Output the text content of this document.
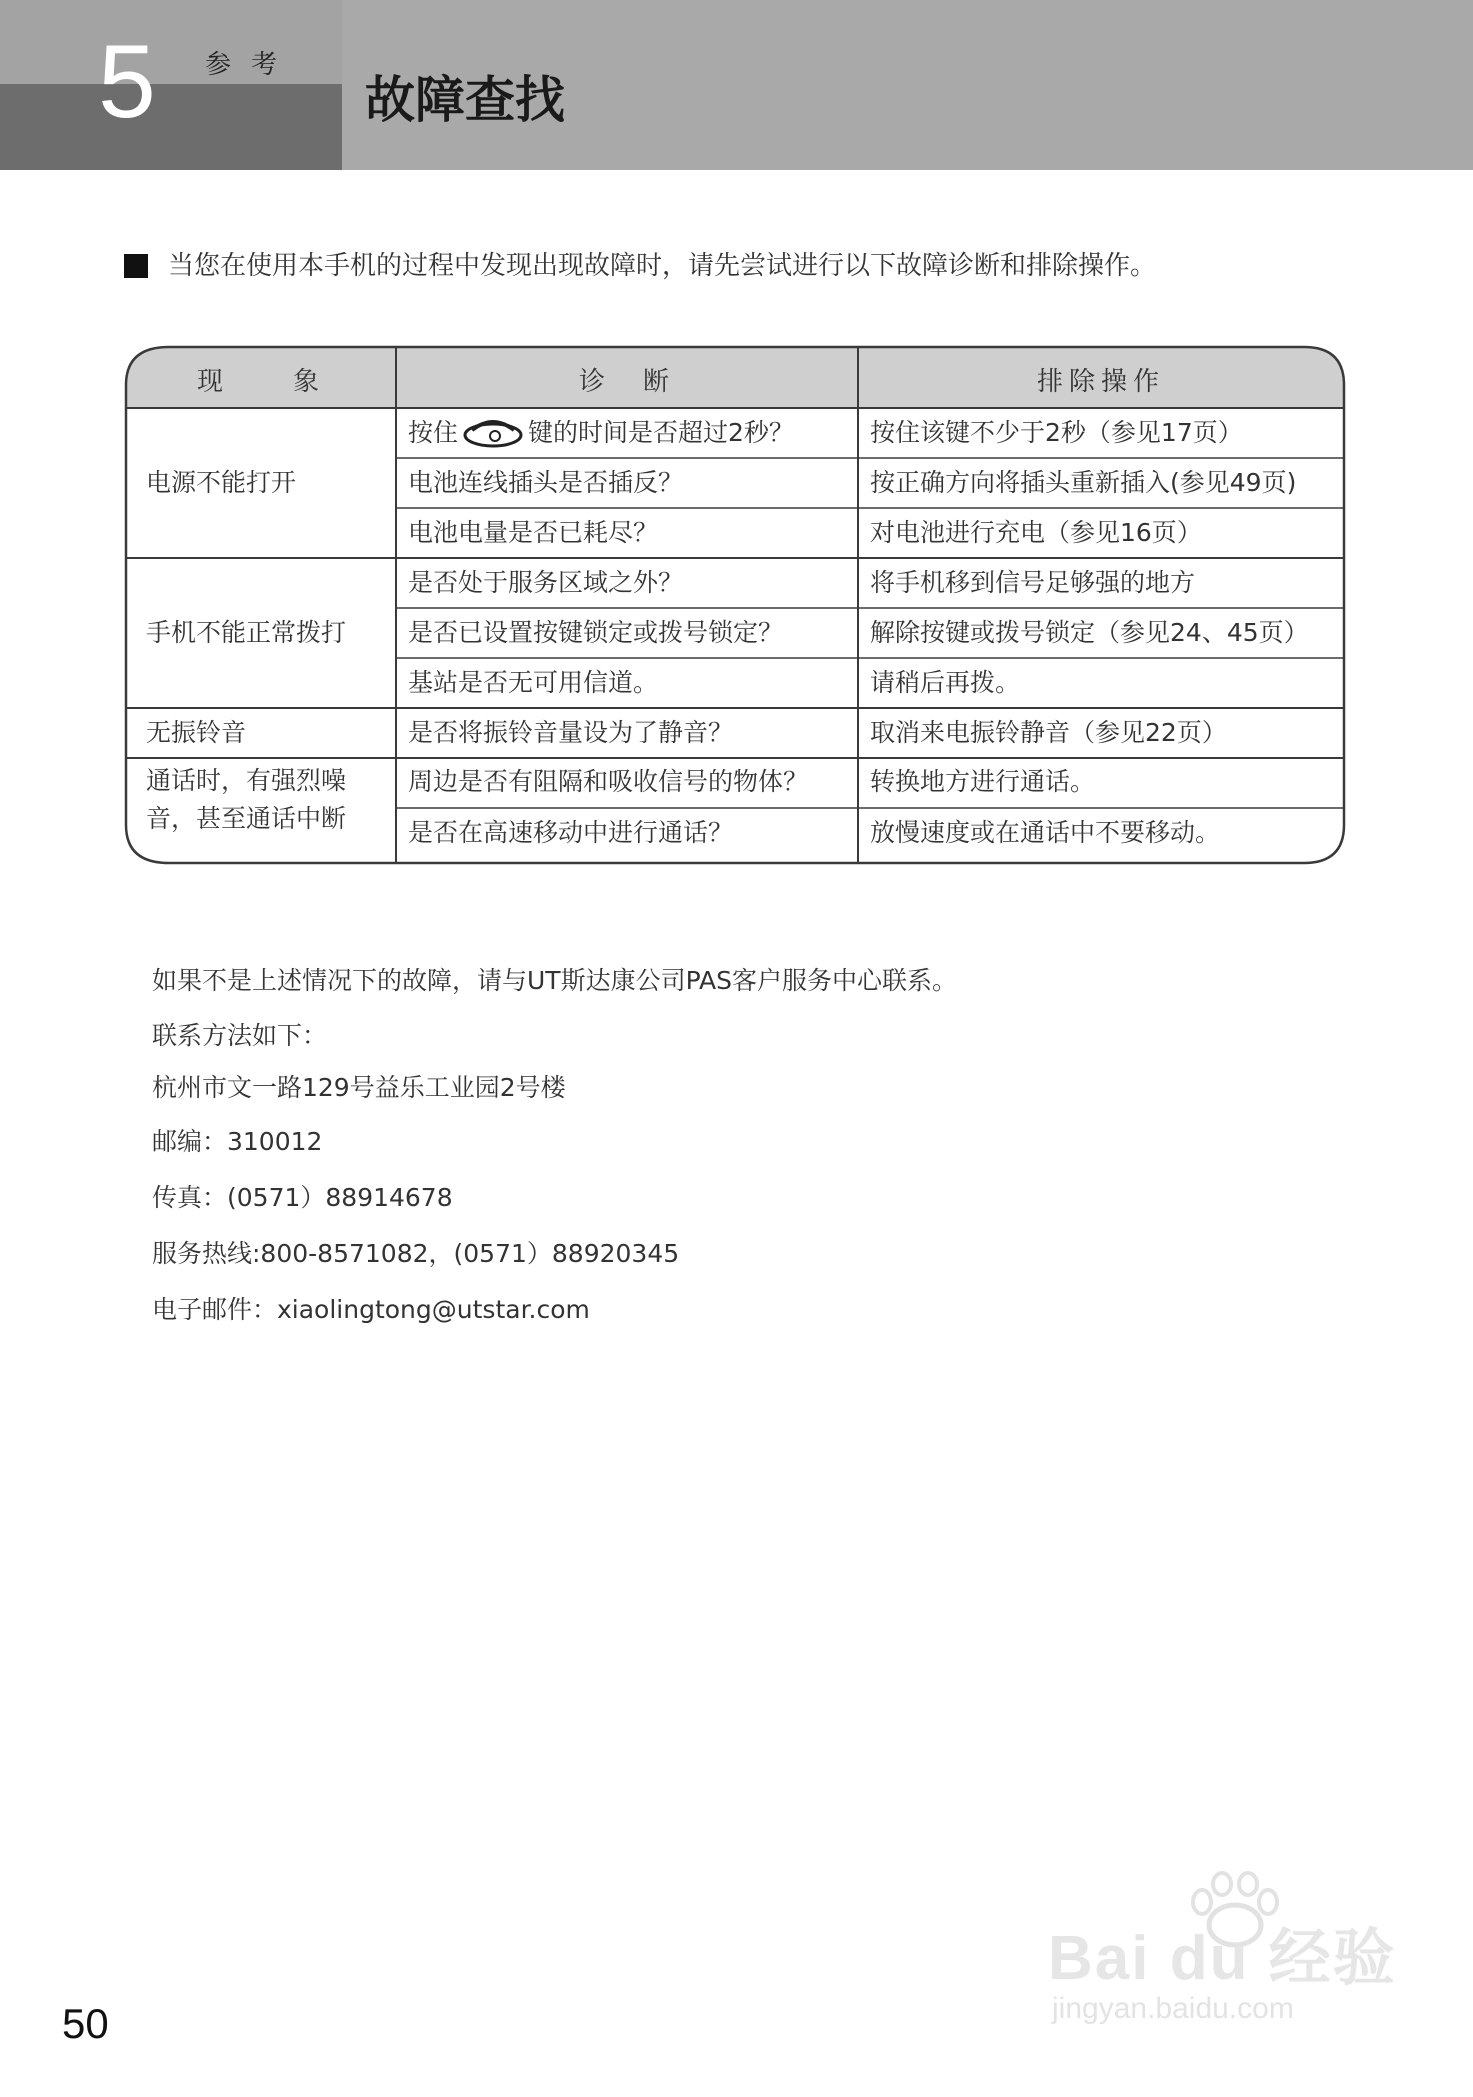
5 参考
故障查找
当您在使用本手机的过程中发现出现故障时，请先尝试进行以下故障诊断和排除操作。
现　　象	诊　断	排除操作
电源不能打开
按住	键的时间是否超过2秒？	按住该键不少于2秒（参见17页）
电池连线插头是否插反？	按正确方向将插头重新插入(参见49页)
电池电量是否已耗尽？	对电池进行充电（参见16页）
手机不能正常拨打
是否处于服务区域之外？	将手机移到信号足够强的地方
是否已设置按键锁定或拨号锁定？	解除按键或拨号锁定（参见24、45页）
基站是否无可用信道。	请稍后再拨。
无振铃音	是否将振铃音量设为了静音？	取消来电振铃静音（参见22页）
通话时，有强烈噪
音，甚至通话中断
周边是否有阻隔和吸收信号的物体？ 转换地方进行通话。
是否在高速移动中进行通话？	放慢速度或在通话中不要移动。
如果不是上述情况下的故障，请与UT斯达康公司PAS客户服务中心联系。
联系方法如下：
杭州市文一路129号益乐工业园2号楼
邮编：310012
传真：(0571）88914678
服务热线:800-8571082，(0571）88920345
电子邮件：xiaolingtong@utstar.com
50
Bai du 经验
jingyan.baidu.com
